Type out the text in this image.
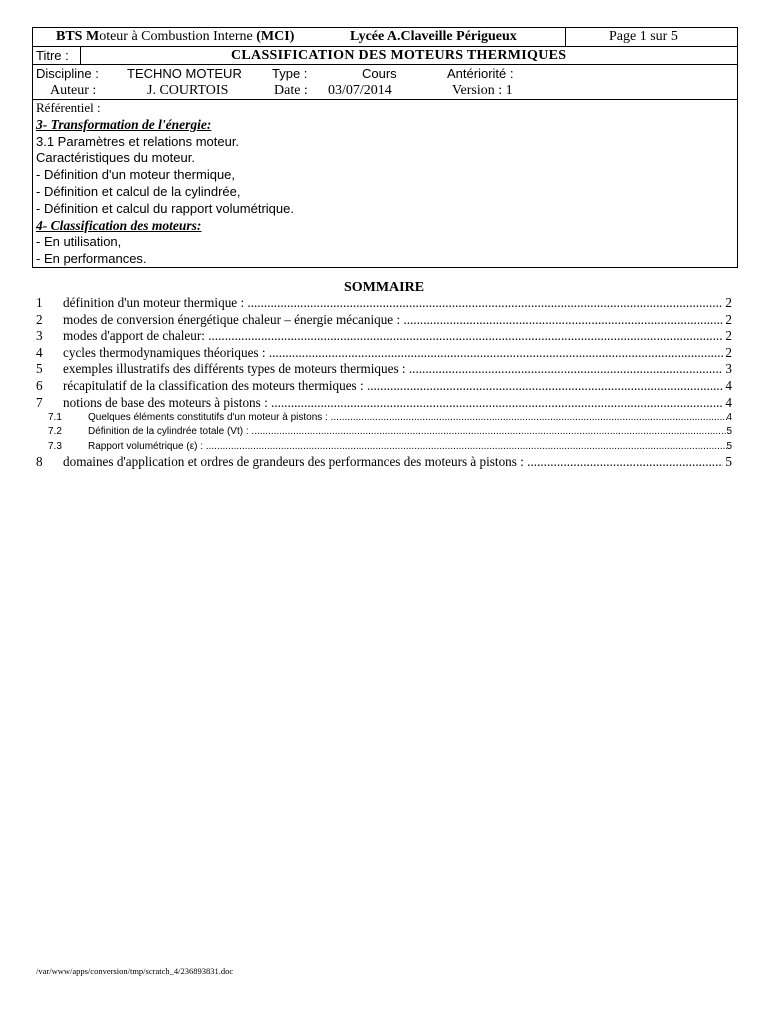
BTS Moteur à Combustion Interne (MCI)	Lycée A.Claveille Périgueux	Page 1 sur 5
Titre :	CLASSIFICATION DES MOTEURS THERMIQUES
Discipline : TECHNO MOTEUR Type :	Cours	Antériorité :
Auteur :	J. COURTOIS	Date : 03/07/2014	Version : 1
Référentiel :
3- Transformation de l'énergie:
3.1 Paramètres et relations moteur.
Caractéristiques du moteur.
- Définition d'un moteur thermique,
- Définition et calcul de la cylindrée,
- Définition et calcul du rapport volumétrique.
4- Classification des moteurs:
- En utilisation,
- En performances.
SOMMAIRE
1 définition d'un moteur thermique : .....	2
2 modes de conversion énergétique chaleur – énergie mécanique : .....	2
3 modes d'apport de chaleur: .....	2
4 cycles thermodynamiques théoriques : .....	2
5 exemples illustratifs des différents types de moteurs thermiques : .....	3
6 récapitulatif de la classification des moteurs thermiques : .....	4
7 notions de base des moteurs à pistons : .....	4
7.1	Quelques éléments constitutifs d'un moteur à pistons : .....	4
7.2	Définition de la cylindrée totale (Vt) : .....	5
7.3	Rapport volumétrique (ε) : .....	5
8 domaines d'application et ordres de grandeurs des performances des moteurs à pistons : .....	5
/var/www/apps/conversion/tmp/scratch_4/236893831.doc
